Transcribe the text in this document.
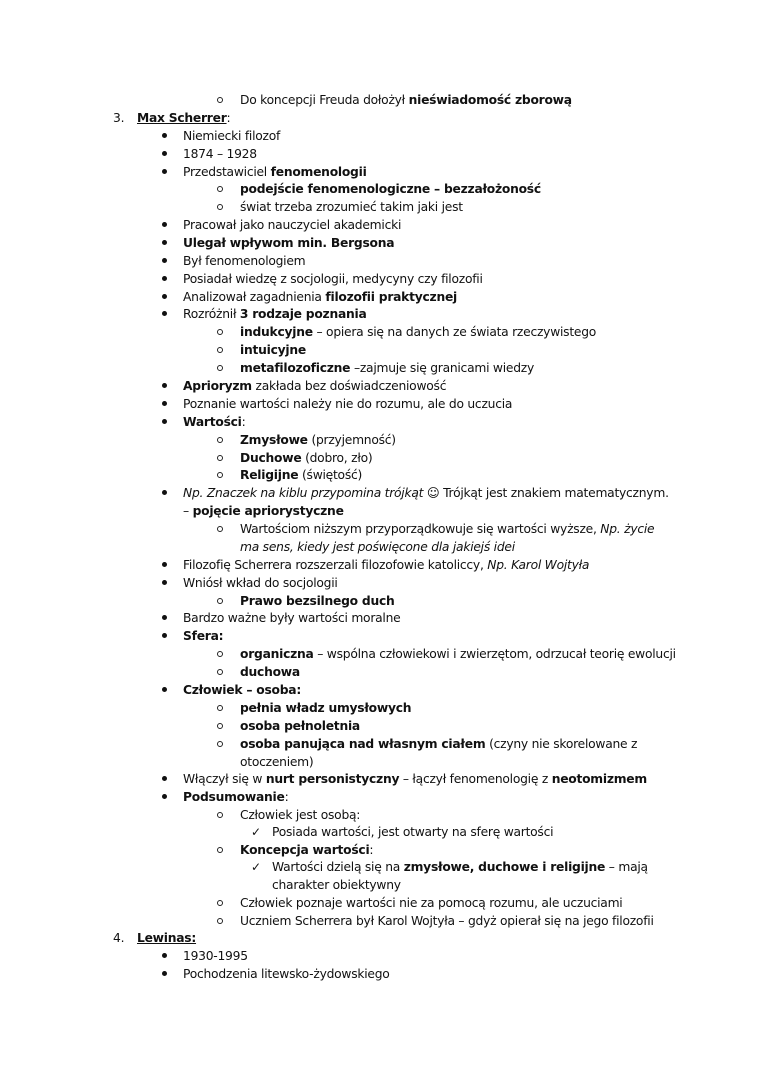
Do koncepcji Freuda dołożył nieświadomość zborową
3. Max Scherrer:
Niemiecki filozof
1874 – 1928
Przedstawiciel fenomenologii
podejście fenomenologiczne – bezzałożoność
świat trzeba zrozumieć takim jaki jest
Pracował jako nauczyciel akademicki
Ulegał wpływom min. Bergsona
Był fenomenologiem
Posiadał wiedzę z socjologii, medycyny czy filozofii
Analizował zagadnienia filozofii praktycznej
Rozróżnił 3 rodzaje poznania
indukcyjne – opiera się na danych ze świata rzeczywistego
intuicyjne
metafilozoficzne –zajmuje się granicami wiedzy
Aprioryzm zakłada bez doświadczeniowość
Poznanie wartości należy nie do rozumu, ale do uczucia
Wartości:
Zmysłowe (przyjemność)
Duchowe (dobro, zło)
Religijne (świętość)
Np. Znaczek na kiblu przypomina trójkąt ☺ Trójkąt jest znakiem matematycznym.
– pojęcie apriorystyczne
Wartościom niższym przyporządkowuje się wartości wyższe, Np. życie
ma sens, kiedy jest poświęcone dla jakiejś idei
Filozofię Scherrera rozszerzali filozofowie katoliccy, Np. Karol Wojtyła
Wniósł wkład do socjologii
Prawo bezsilnego duch
Bardzo ważne były wartości moralne
Sfera:
organiczna – wspólna człowiekowi i zwierzętom, odrzucał teorię ewolucji
duchowa
Człowiek – osoba:
pełnia władz umysłowych
osoba pełnoletnia
osoba panująca nad własnym ciałem (czyny nie skorelowane z
otoczeniem)
Włączył się w nurt personistyczny – łączył fenomenologię z neotomizmem
Podsumowanie:
Człowiek jest osobą:
✓ Posiada wartości, jest otwarty na sferę wartości
Koncepcja wartości:
✓ Wartości dzielą się na zmysłowe, duchowe i religijne – mają
charakter obiektywny
Człowiek poznaje wartości nie za pomocą rozumu, ale uczuciami
Uczniem Scherrera był Karol Wojtyła – gdyż opierał się na jego filozofii
4. Lewinas:
1930-1995
Pochodzenia litewsko-żydowskiego
